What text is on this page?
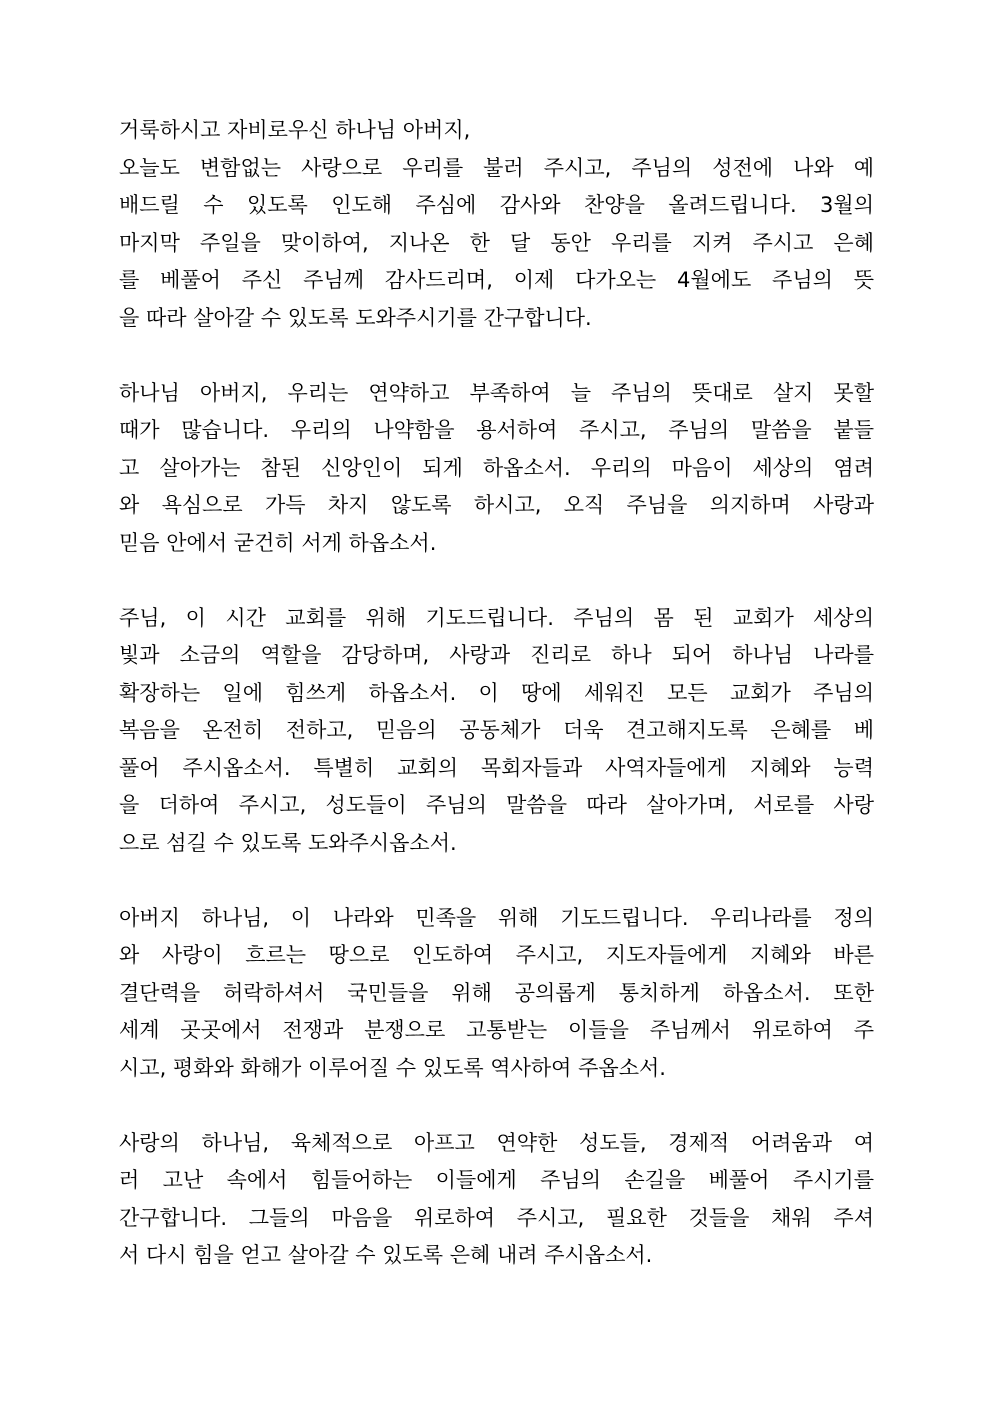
거룩하시고 자비로우신 하나님 아버지,
오늘도 변함없는 사랑으로 우리를 불러 주시고, 주님의 성전에 나와 예
배드릴 수 있도록 인도해 주심에 감사와 찬양을 올려드립니다. 3월의
마지막 주일을 맞이하여, 지나온 한 달 동안 우리를 지켜 주시고 은혜
를 베풀어 주신 주님께 감사드리며, 이제 다가오는 4월에도 주님의 뜻
을 따라 살아갈 수 있도록 도와주시기를 간구합니다.
하나님 아버지, 우리는 연약하고 부족하여 늘 주님의 뜻대로 살지 못할
때가 많습니다. 우리의 나약함을 용서하여 주시고, 주님의 말씀을 붙들
고 살아가는 참된 신앙인이 되게 하옵소서. 우리의 마음이 세상의 염려
와 욕심으로 가득 차지 않도록 하시고, 오직 주님을 의지하며 사랑과
믿음 안에서 굳건히 서게 하옵소서.
주님, 이 시간 교회를 위해 기도드립니다. 주님의 몸 된 교회가 세상의
빛과 소금의 역할을 감당하며, 사랑과 진리로 하나 되어 하나님 나라를
확장하는 일에 힘쓰게 하옵소서. 이 땅에 세워진 모든 교회가 주님의
복음을 온전히 전하고, 믿음의 공동체가 더욱 견고해지도록 은혜를 베
풀어 주시옵소서. 특별히 교회의 목회자들과 사역자들에게 지혜와 능력
을 더하여 주시고, 성도들이 주님의 말씀을 따라 살아가며, 서로를 사랑
으로 섬길 수 있도록 도와주시옵소서.
아버지 하나님, 이 나라와 민족을 위해 기도드립니다. 우리나라를 정의
와 사랑이 흐르는 땅으로 인도하여 주시고, 지도자들에게 지혜와 바른
결단력을 허락하셔서 국민들을 위해 공의롭게 통치하게 하옵소서. 또한
세계 곳곳에서 전쟁과 분쟁으로 고통받는 이들을 주님께서 위로하여 주
시고, 평화와 화해가 이루어질 수 있도록 역사하여 주옵소서.
사랑의 하나님, 육체적으로 아프고 연약한 성도들, 경제적 어려움과 여
러 고난 속에서 힘들어하는 이들에게 주님의 손길을 베풀어 주시기를
간구합니다. 그들의 마음을 위로하여 주시고, 필요한 것들을 채워 주셔
서 다시 힘을 얻고 살아갈 수 있도록 은혜 내려 주시옵소서.
